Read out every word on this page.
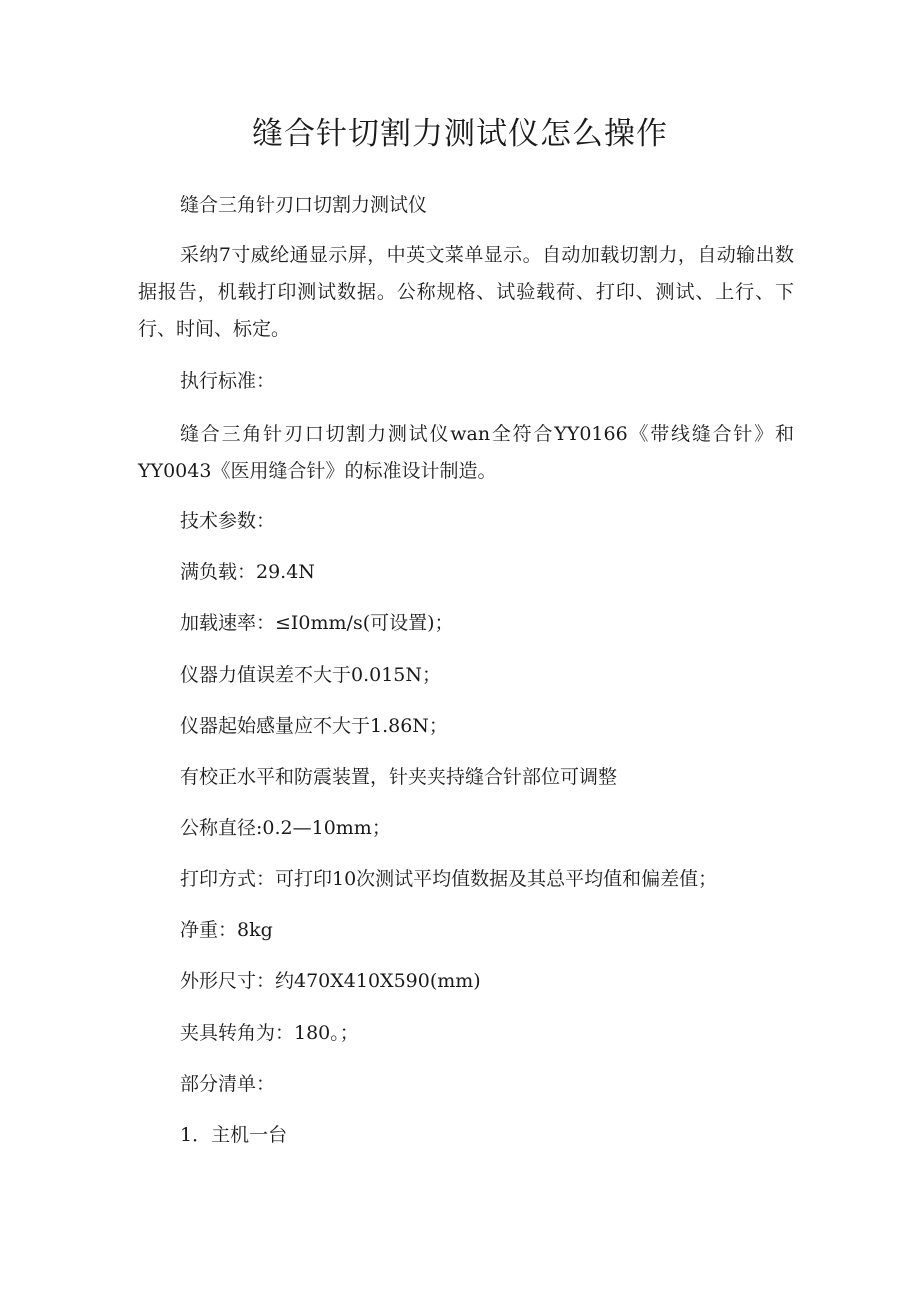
缝合针切割力测试仪怎么操作

缝合三角针刃口切割力测试仪

采纳7寸威纶通显示屏，中英文菜单显示。自动加载切割力，自动输出数据报告，机载打印测试数据。公称规格、试验载荷、打印、测试、上行、下行、时间、标定。

执行标准：

缝合三角针刃口切割力测试仪wan全符合YY0166《带线缝合针》和YY0043《医用缝合针》的标准设计制造。

技术参数：

满负载：29.4N

加载速率：≤I0mm/s(可设置)；

仪器力值误差不大于0.015N；

仪器起始感量应不大于1.86N；

有校正水平和防震装置，针夹夹持缝合针部位可调整

公称直径:0.2—10mm；

打印方式：可打印10次测试平均值数据及其总平均值和偏差值；

净重：8kg

外形尺寸：约470X410X590(mm)

夹具转角为：180。；

部分清单：

1．主机一台
